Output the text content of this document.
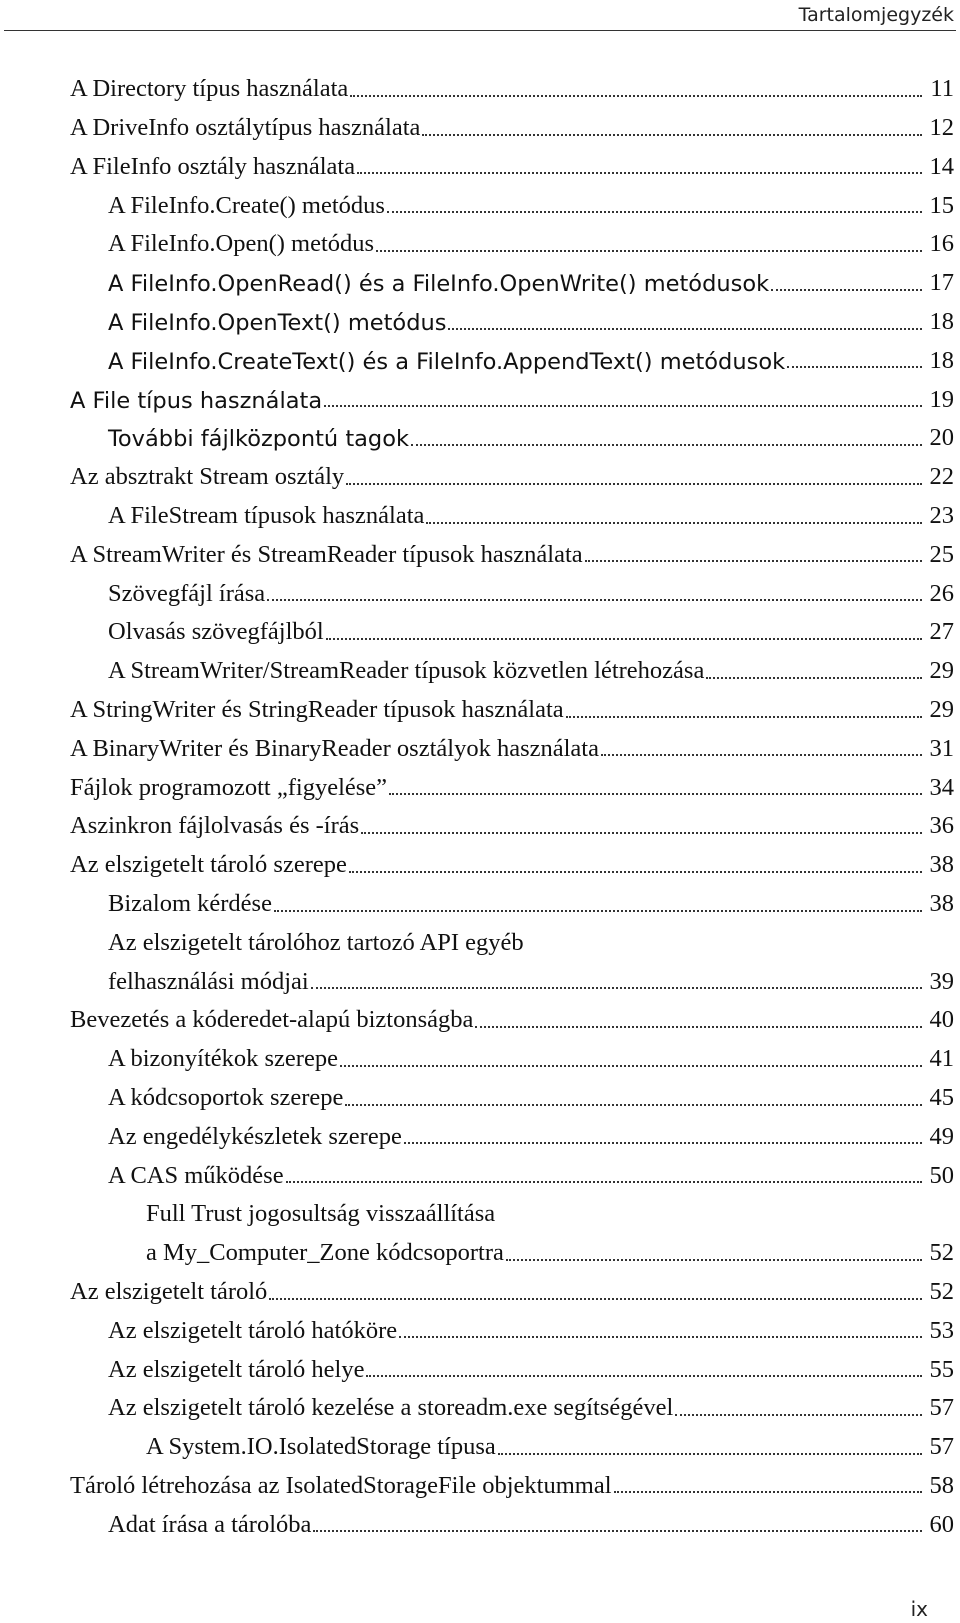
Tartalomjegyzék
A Directory típus használata	11
A DriveInfo osztálytípus használata	12
A FileInfo osztály használata	14
A FileInfo.Create() metódus	15
A FileInfo.Open() metódus	16
A FileInfo.OpenRead() és a FileInfo.OpenWrite() metódusok	17
A FileInfo.OpenText() metódus	18
A FileInfo.CreateText() és a FileInfo.AppendText() metódusok	18
A File típus használata	19
További fájlközpontú tagok	20
Az absztrakt Stream osztály	22
A FileStream típusok használata	23
A StreamWriter és StreamReader típusok használata	25
Szövegfájl írása	26
Olvasás szövegfájlból	27
A StreamWriter/StreamReader típusok közvetlen létrehozása	29
A StringWriter és StringReader típusok használata	29
A BinaryWriter és BinaryReader osztályok használata	31
Fájlok programozott „figyelése”	34
Aszinkron fájlolvasás és -írás	36
Az elszigetelt tároló szerepe	38
Bizalom kérdése	38
Az elszigetelt tárolóhoz tartozó API egyéb
felhasználási módjai	39
Bevezetés a kóderedet-alapú biztonságba	40
A bizonyítékok szerepe	41
A kódcsoportok szerepe	45
Az engedélykészletek szerepe	49
A CAS működése	50
Full Trust jogosultság visszaállítása
a My_Computer_Zone kódcsoportra	52
Az elszigetelt tároló	52
Az elszigetelt tároló hatóköre	53
Az elszigetelt tároló helye	55
Az elszigetelt tároló kezelése a storeadm.exe segítségével	57
A System.IO.IsolatedStorage típusa	57
Tároló létrehozása az IsolatedStorageFile objektummal	58
Adat írása a tárolóba	60
ix
